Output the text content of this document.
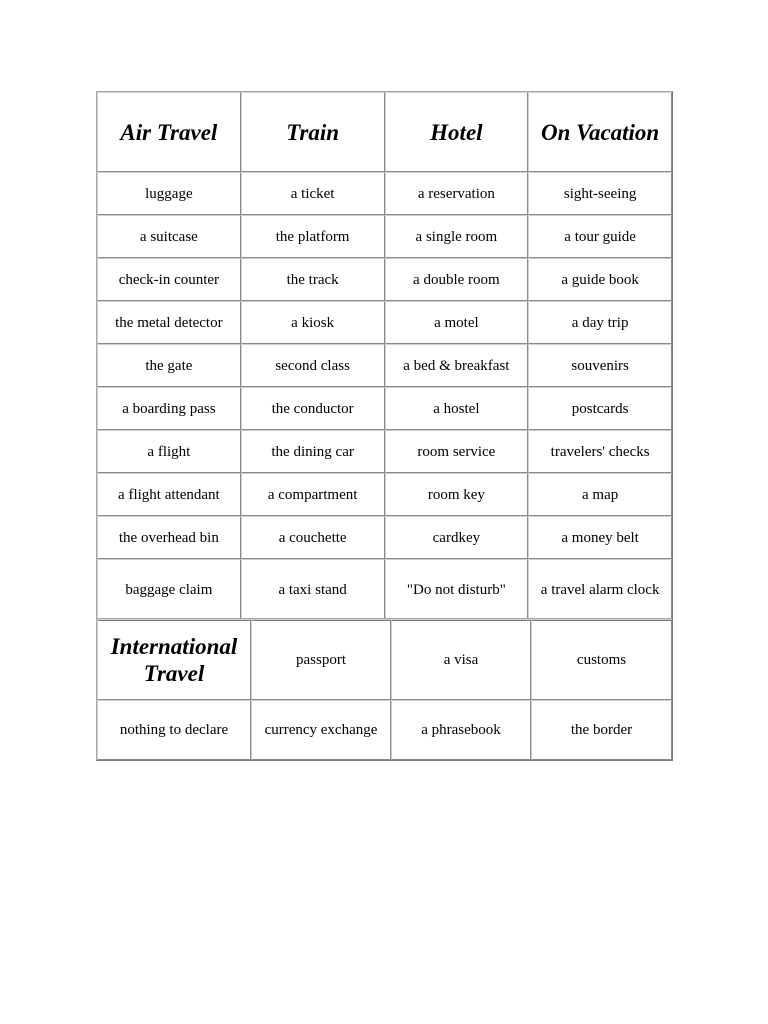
Air Travel	Train	Hotel	On Vacation
luggage	a ticket	a reservation	sight-seeing
a suitcase	the platform	a single room	a tour guide
check-in counter	the track	a double room	a guide book
the metal detector	a kiosk	a motel	a day trip
the gate	second class	a bed & breakfast	souvenirs
a boarding pass	the conductor	a hostel	postcards
a flight	the dining car	room service	travelers' checks
a flight attendant	a compartment	room key	a map
the overhead bin	a couchette	cardkey	a money belt
baggage claim	a taxi stand	"Do not disturb"	a travel alarm clock
International Travel	passport	a visa	customs
nothing to declare	currency exchange	a phrasebook	the border
